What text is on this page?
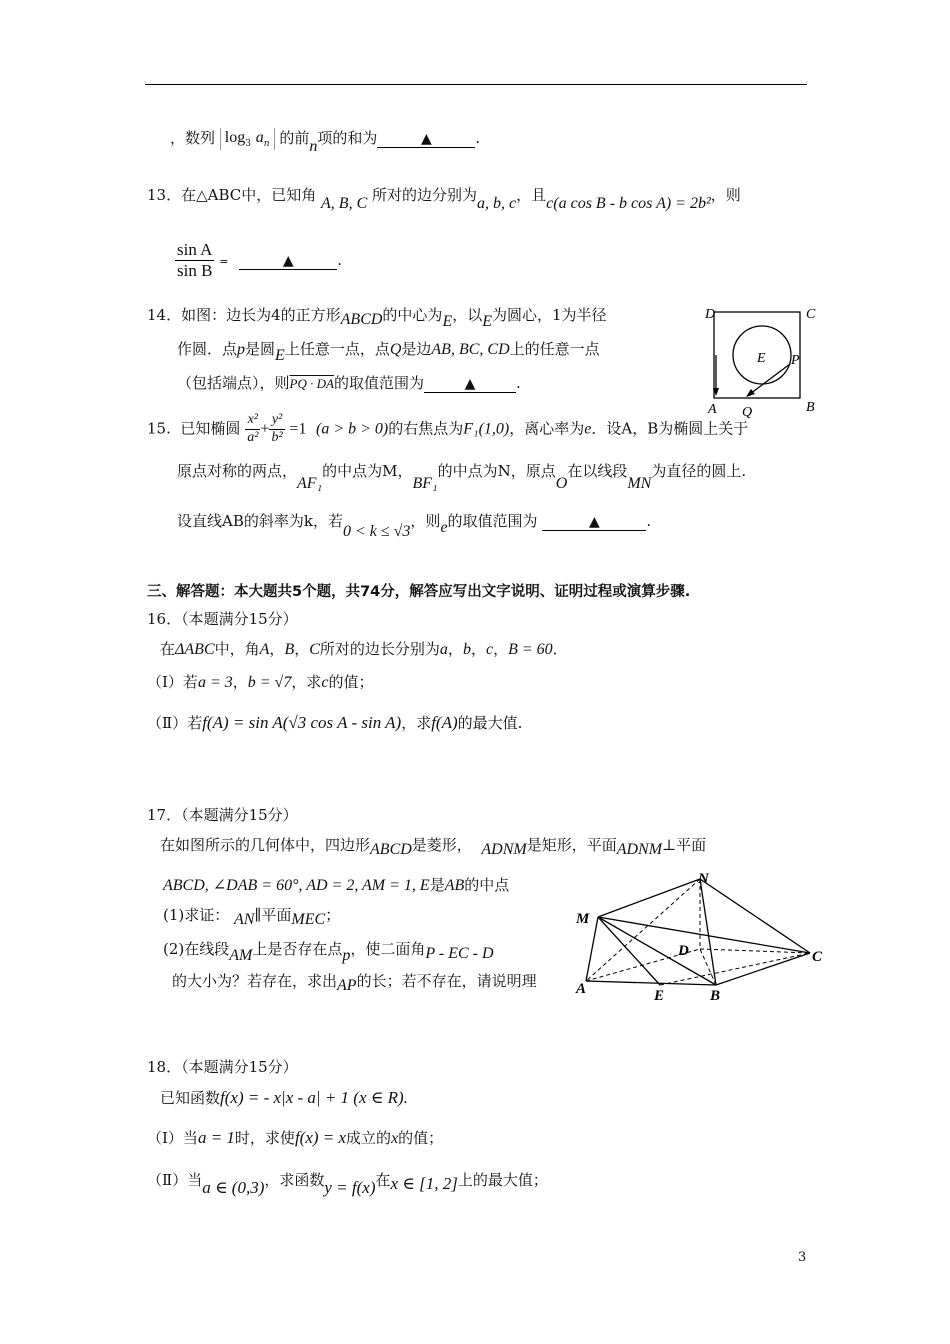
，数列 $\log_3 a_n$ 的前n项的和为	▲	.
13．在△ABC中，已知角 A, B, C 所对的边分别为a, b, c，且c(a cos B - b cos A) = 2b²，则
$\frac{\text{sin A}}{\text{sin B}}$ =	▲	.
14．如图：边长为4的正方形ABCD的中心为E，以E为圆心，1为半径
作圆．点p是圆E上任意一点，点Q是边AB, BC, CD上的任意一点
（包括端点），则PQ · DA的取值范围为	▲	.
D	C
A	B
E P
Q
15. 已知椭圆 $\frac{\text{x²}}{\text{a²}} + \frac{\text{y²}}{\text{b²}} =1$ (a > b > 0)的右焦点为F₁(1,0)，离心率为e．设A，B为椭圆上关于
原点对称的两点，AF₁的中点为M，BF₁的中点为N，原点O在以线段MN为直径的圆上.
设直线AB的斜率为k，若0 < k ≤ √3，则e的取值范围为	▲	.
三、解答题：本大题共5个题，共74分，解答应写出文字说明、证明过程或演算步骤.
16．（本题满分15分）
在ΔABC中，角A，B，C所对的边长分别为a，b，c，B = 60．
（Ⅰ）若a = 3，b = √7，求c的值；
（Ⅱ）若f(A) = sin A(√3 cos A - sin A)，求f(A)的最大值.
17．（本题满分15分）
在如图所示的几何体中，四边形ABCD是菱形， ADNM是矩形，平面ADNM⊥平面
ABCD, ∠DAB = 60°, AD = 2, AM = 1, E是AB的中点
(1)求证： AN∥平面MEC；
(2)在线段AM上是否存在点p，使二面角P - EC - D
的大小为？若存在，求出AP的长；若不存在，请说明理
N
M
D	C
A	E	B
18．（本题满分15分）
已知函数f(x) = - x|x - a| + 1 (x ∈ R).
（Ⅰ）当a = 1时，求使f(x) = x成立的x的值；
（Ⅱ）当a ∈ (0,3)，求函数y = f(x)在x ∈ [1, 2]上的最大值；
3
